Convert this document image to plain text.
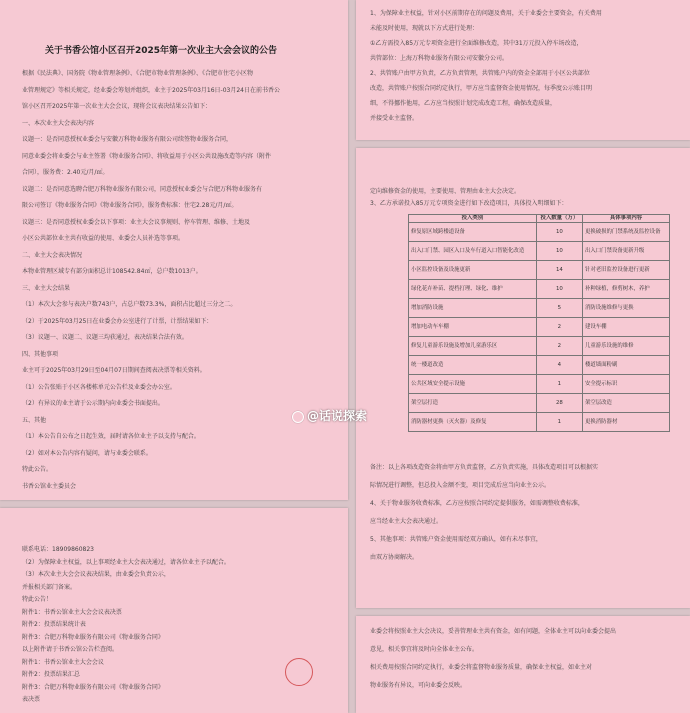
关于书香公馆小区召开2025年第一次业主大会会议的公告
根据《民法典》、国务院《物业管理条例》、《合肥市物业管理条例》、《合肥市住宅小区物
业管理规定》等相关规定，经业委会筹划并组织，业主于2025年03月16日-03月24日在前书香公
馆小区召开2025年第一次业主大会会议，现将会议表决结果公告如下：
一、本次业主大会表决内容
议题一：是否同意授权业委会与安徽万科物业服务有限公司续签物业服务合同，
同意业委会将业委会与业主签署《物业服务合同》、将收益用于小区公共设施改造等内容（附件
合同），服务费：2.40元/月/㎡。
议题二：是否同意选聘合肥万科物业服务有限公司，同意授权业委会与合肥万科物业服务有
限公司签订《物业服务合同》《物业服务合同》，服务费标准：住宅2.28元/月/㎡。
议题三：是否同意授权业委会以下事项：业主大会议事规则、停车管理、维修、土地及
小区公共部位业主共有收益的使用、业委会人员补选等事项。
二、业主大会表决情况
本物业管理区域专有部分面积总计108542.84㎡，总户数1013户。
三、业主大会结果
（1）本次大会参与表决户数743户，占总户数73.3%，面积占比超过三分之二。
（2）于2025年03月25日在业委会办公室进行了计票，计票结果如下：
（3）议题一、议题二、议题三均获通过，表决结果合法有效。
四、其他事项
业主可于2025年03月29日至04月07日期间查阅表决票等相关资料。
（1）公告张贴于小区各楼栋单元公告栏及业委会办公室。
（2）有异议的业主请于公示期内向业委会书面提出。
五、其他
（1）本公告自公布之日起生效，届时请各位业主予以支持与配合。
（2）如对本公告内容有疑问，请与业委会联系。
特此公告。
书香公馆业主委员会
1、为保障业主权益，针对小区前期存在的问题及费用，关于业委会主要资金，有关费用
未能及时使用，现就以下方式进行处理：
①乙方需投入85万元专项资金进行全面维修改造，其中31万元投入停车场改造，
共管部位：上海万科物业服务有限公司安徽分公司。
2、共管账户由甲方负责，乙方负责管理，共管账户内的资金全部用于小区公共部位
改造，共管账户按照合同约定执行，甲方应当监督资金使用情况，每季度公示账目明
细，不得挪作他用，乙方应当按照计划完成改造工程，确保改造质量，
并接受业主监督。
定向维修资金的使用，主要使用、管理由业主大会决定。
3、乙方承诺投入85万元专项资金进行如下改造项目，具体投入明细如下：
投入类别	投入数量（万）	具体事项内容
修复原区域跨楼道设备	10	更换破损的门禁系统及监控设备
出入口门禁、园区入口及车行道入口智能化改造	10	出入口门禁设备更新升级
小区监控设备及设施更新	14	针对老旧监控设备进行更新
绿化花卉补苗、提档打理、绿化、维护	10	补种绿植，修剪树木，养护
增加消防设施	5	消防设施维修与更换
增加电动车车棚	2	建设车棚
修复儿童游乐设施及增加儿童游乐区	2	儿童游乐设施的维修
统一楼道改造	4	楼道墙面粉刷
公共区域安全提示设施	1	安全提示标识
架空层打造	28	架空层改造
消防器材更换（灭火器）及修复	1	更换消防器材
备注：以上各项改造资金将由甲方负责监督，乙方负责实施，具体改造项目可以根据实
际情况进行调整，但总投入金额不变，项目完成后应当向业主公示。
4、关于物业服务收费标准，乙方应按照合同约定提供服务，如需调整收费标准，
应当经业主大会表决通过。
5、其他事项：共管账户资金使用需经双方确认，如有未尽事宜，
由双方协商解决。
联系电话：18909860823
（2）为保障业主权益，以上事项经业主大会表决通过，请各位业主予以配合。
（3）本次业主大会会议表决结果，由业委会负责公示，
并报相关部门备案。
特此公告！
附件1：书香公馆业主大会会议表决票
附件2：投票结果统计表
附件3：合肥万科物业服务有限公司《物业服务合同》
以上附件请于书香公馆公告栏查阅。
附件1：书香公馆业主大会会议
附件2：投票结果汇总
附件3：合肥万科物业服务有限公司《物业服务合同》
表决票
业委会将按照业主大会决议，妥善管理业主共有资金，如有问题，全体业主可以向业委会提出
意见，相关事宜将及时向全体业主公布。
相关费用按照合同约定执行，业委会将监督物业服务质量，确保业主权益，如业主对
物业服务有异议，可向业委会反映。
@话说探索
